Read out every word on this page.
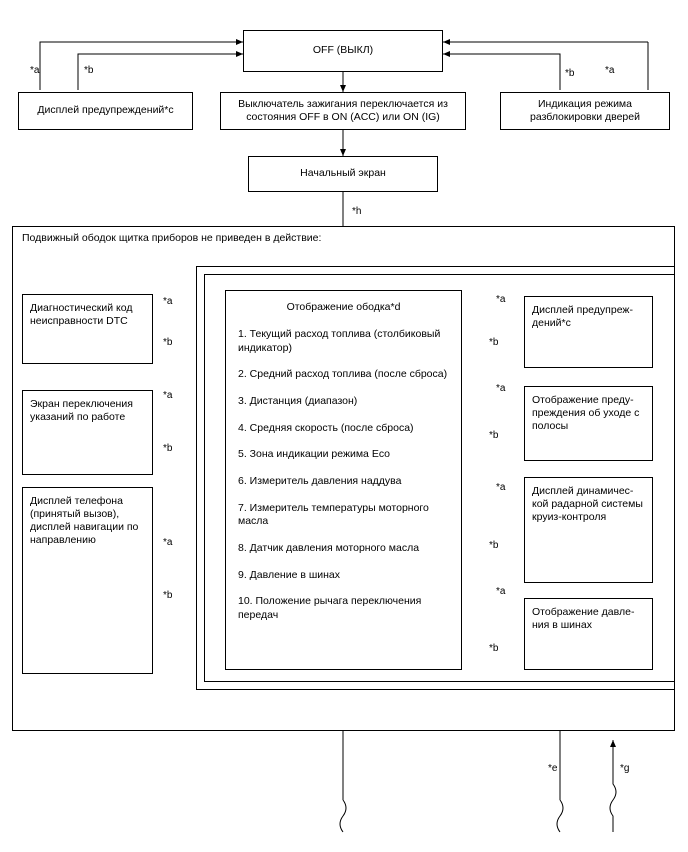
OFF (ВЫКЛ)
Дисплей предупреждений*c
Выключатель зажигания переключается из состояния OFF в ON (ACC) или ON (IG)
Индикация режима разблокировки дверей
Начальный экран
*a	*b	*b	*a
*h
Подвижный ободок щитка приборов не приведен в действие:
Отображение ободка*d
1. Текущий расход топлива (столбиковый индикатор)
2. Средний расход топлива (после сброса)
3. Дистанция (диапазон)
4. Средняя скорость (после сброса)
5. Зона индикации режима Eco
6. Измеритель давления наддува
7. Измеритель температуры моторного масла
8. Датчик давления моторного масла
9. Давление в шинах
10. Положение рычага переключения передач
Диагностический код неисправности DTC
Экран переключения указаний по работе
Дисплей телефона (принятый вызов), дисплей навигации по направлению
Дисплей предупреж-дений*c
Отображение преду-преждения об уходе с полосы
Дисплей динамичес-кой радарной системы круиз-контроля
Отображение давле-ния в шинах
*a
*b
*a
*b
*a
*b
*a
*b
*a
*b
*a
*b
*a
*b
*e	*g
